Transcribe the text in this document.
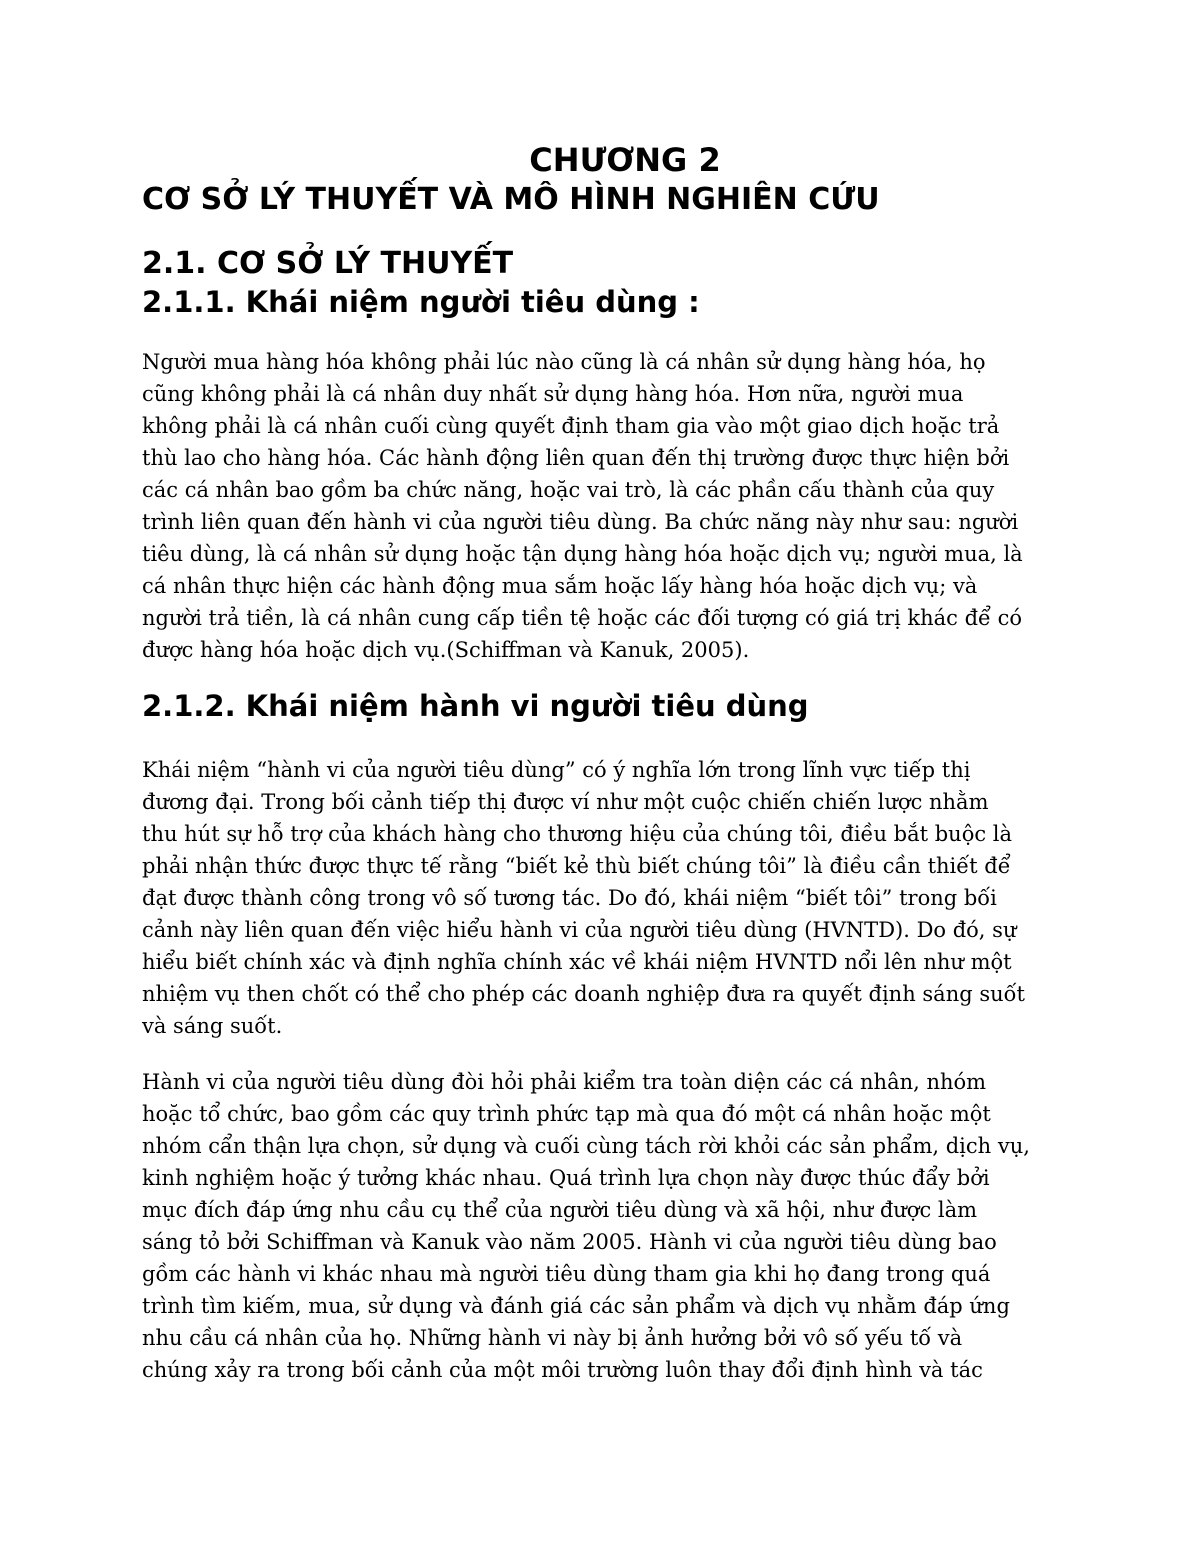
CHƯƠNG 2
CƠ SỞ LÝ THUYẾT VÀ MÔ HÌNH NGHIÊN CỨU
2.1. CƠ SỞ LÝ THUYẾT
2.1.1. Khái niệm người tiêu dùng :
Người mua hàng hóa không phải lúc nào cũng là cá nhân sử dụng hàng hóa, họ
cũng không phải là cá nhân duy nhất sử dụng hàng hóa. Hơn nữa, người mua
không phải là cá nhân cuối cùng quyết định tham gia vào một giao dịch hoặc trả
thù lao cho hàng hóa. Các hành động liên quan đến thị trường được thực hiện bởi
các cá nhân bao gồm ba chức năng, hoặc vai trò, là các phần cấu thành của quy
trình liên quan đến hành vi của người tiêu dùng. Ba chức năng này như sau: người
tiêu dùng, là cá nhân sử dụng hoặc tận dụng hàng hóa hoặc dịch vụ; người mua, là
cá nhân thực hiện các hành động mua sắm hoặc lấy hàng hóa hoặc dịch vụ; và
người trả tiền, là cá nhân cung cấp tiền tệ hoặc các đối tượng có giá trị khác để có
được hàng hóa hoặc dịch vụ.(Schiffman và Kanuk, 2005).
2.1.2. Khái niệm hành vi người tiêu dùng
Khái niệm “hành vi của người tiêu dùng” có ý nghĩa lớn trong lĩnh vực tiếp thị
đương đại. Trong bối cảnh tiếp thị được ví như một cuộc chiến chiến lược nhằm
thu hút sự hỗ trợ của khách hàng cho thương hiệu của chúng tôi, điều bắt buộc là
phải nhận thức được thực tế rằng “biết kẻ thù biết chúng tôi” là điều cần thiết để
đạt được thành công trong vô số tương tác. Do đó, khái niệm “biết tôi” trong bối
cảnh này liên quan đến việc hiểu hành vi của người tiêu dùng (HVNTD). Do đó, sự
hiểu biết chính xác và định nghĩa chính xác về khái niệm HVNTD nổi lên như một
nhiệm vụ then chốt có thể cho phép các doanh nghiệp đưa ra quyết định sáng suốt
và sáng suốt.
Hành vi của người tiêu dùng đòi hỏi phải kiểm tra toàn diện các cá nhân, nhóm
hoặc tổ chức, bao gồm các quy trình phức tạp mà qua đó một cá nhân hoặc một
nhóm cẩn thận lựa chọn, sử dụng và cuối cùng tách rời khỏi các sản phẩm, dịch vụ,
kinh nghiệm hoặc ý tưởng khác nhau. Quá trình lựa chọn này được thúc đẩy bởi
mục đích đáp ứng nhu cầu cụ thể của người tiêu dùng và xã hội, như được làm
sáng tỏ bởi Schiffman và Kanuk vào năm 2005. Hành vi của người tiêu dùng bao
gồm các hành vi khác nhau mà người tiêu dùng tham gia khi họ đang trong quá
trình tìm kiếm, mua, sử dụng và đánh giá các sản phẩm và dịch vụ nhằm đáp ứng
nhu cầu cá nhân của họ. Những hành vi này bị ảnh hưởng bởi vô số yếu tố và
chúng xảy ra trong bối cảnh của một môi trường luôn thay đổi định hình và tác
